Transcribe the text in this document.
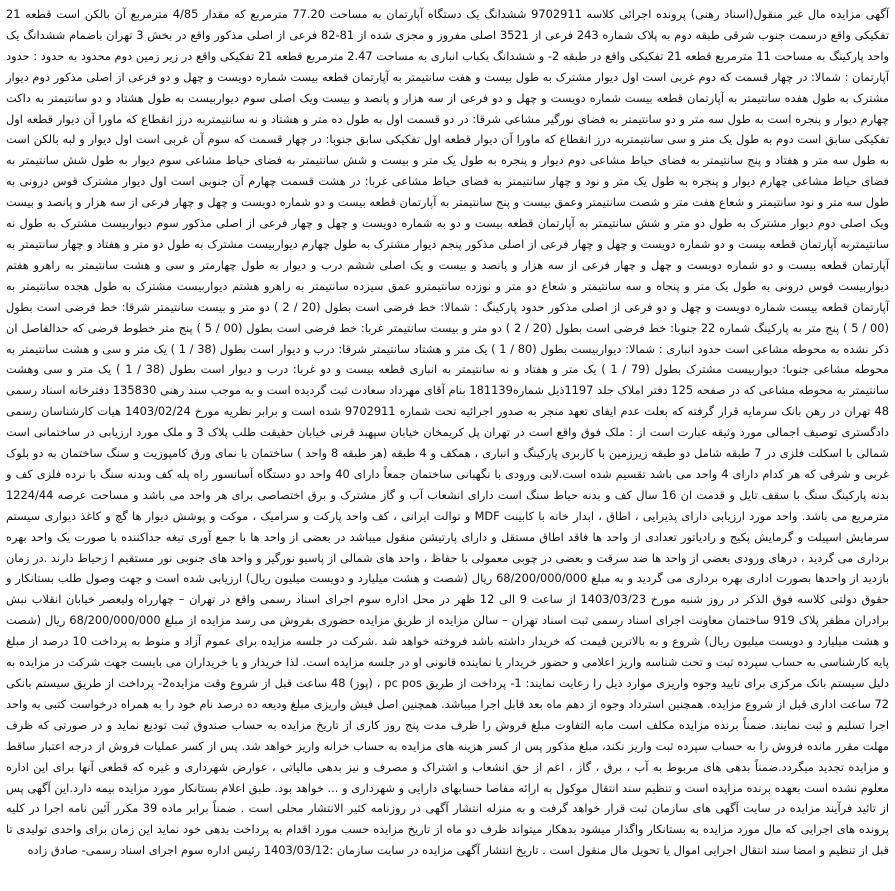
آگهی مزایده مال غیر منقول(اسناد رهنی) پرونده اجرائی کلاسه 9702911 ششدانگ یک دستگاه آپارتمان به مساحت 77.20 مترمربع که مقدار 4/85 مترمربع آن بالکن است قطعه 21 تفکیکی واقع درسمت جنوب شرقی طبقه دوم به پلاک شماره 243 فرعی از 3521 اصلی مفروز و مجزی شده از 81-82 فرعی از اصلی مذکور واقع در بخش 3 تهران باضمام ششدانگ یک واحد پارکینگ به مساحت 11 مترمربع قطعه 21 تفکیکی واقع در طبقه 2- و ششدانگ یکباب انباری به مساحت 2.47 مترمربع قطعه 21 تفکیکی واقع در زیر زمین دوم محدود به حدود : حدود آپارتمان : شمالا: در چهار قسمت که دوم غربی است اول دیوار مشترک به طول بیست و هفت سانتیمتر به آپارتمان قطعه بیست شماره دویست و چهل و دو فرعی از اصلی مذکور دوم دیوار مشترک به طول هفده سانتیمتر به آپارتمان قطعه بیست شماره دویست و چهل و دو فرعی از سه هزار و پانصد و بیست ویک اصلی سوم دیواربیست به طول هشتاد و دو سانتیمتر به داکت چهارم دیوار و پنجره است به طول سه متر و دو سانتیمتر به فضای نورگیر مشاعی شرقا: در دو قسمت اول به طول ده متر و هشتاد و نه سانتیمتربه درز انقطاع که ماورا آن دیوار قطعه اول تفکیکی سابق است دوم به طول یک متر و سی سانتیمتربه درز انقطاع که ماورا آن دیوار قطعه اول تفکیکی سابق جنوبا: در چهار قسمت که سوم آن غربی است اول دیوار و لبه بالکن است به طول سه متر و هفتاد و پنج سانتیمتر به فضای حیاط مشاعی دوم دیوار و پنجره به طول یک متر و بیست و شش سانتیمتر به فضای حیاط مشاعی سوم دیوار به طول شش سانتیمتر به فضای حیاط مشاعی چهارم دیوار و پنجره به طول یک متر و نود و چهار سانتیمتر به فضای حیاط مشاعی غربا: در هشت قسمت چهارم آن جنوبی است اول دیوار مشترک قوس درونی به طول سه متر و نود سانتیمتر و شعاع هفت متر و شصت سانتیمتر وعمق بیست و پنج سانتیمتر به آپارتمان قطعه بیست و دو شماره دویست و چهل و چهار فرعی از سه هزار و پانصد و بیست ویک اصلی دوم دیوار مشترک به طول دو متر و شش سانتیمتر به آپارتمان قطعه بیست و دو به شماره دویست و چهل و چهار فرعی از اصلی مذکور سوم دیواربیست مشترک به طول نه سانتیمتربه آپارتمان قطعه بیست و دو شماره دویست و چهل و چهار فرعی از اصلی مذکور پنجم دیوار مشترک به طول چهارم دیواربیست مشترک به طول دو متر و هفتاد و چهار سانتیمتر به آپارتمان قطعه بیست و دو شماره دویست و چهل و چهار فرعی از سه هزار و پانصد و بیست و یک اصلی ششم درب و دیوار به طول چهارمتر و سی و هشت سانتیمتر به راهرو هفتم دیواربیست قوس درونی به طول یک متر و پنجاه و سه سانتیمتر و شعاع دو متر و نوزده سانتیمترو عمق سیزده سانتیمتر به راهرو هشتم دیواربیست مشترک به طول هجده سانتیمتر به آپارتمان قطعه بیست شماره دویست و چهل و دو فرعی از اصلی مذکور حدود پارکینگ : شمالا: خط فرضی است بطول (20 / 2 ) دو متر و بیست سانتیمتر شرقا: خط فرضی است بطول (00 / 5 ) پنج متر به پارکینگ شماره 22 جنوبا: خط فرضی است بطول (20 / 2 ) دو متر و بیست سانتیمتر غربا: خط فرضی است بطول (00 / 5 ) پنج متر خطوط فرضی که حدالفاصل ان ذکر نشده به محوطه مشاعی است حدود انباری : شمالا: دیواربیست بطول (80 / 1 ) یک متر و هشتاد سانتیمتر شرقا: درب و دیوار است بطول (38 / 1 ) یک متر و سی و هشت سانتیمتر به محوطه مشاعی جنوبا: دیواربیست مشترک بطول (79 / 1 ) یک متر و هفتاد و نه سانتیمتر به انباری قطعه بیست و دو غربا: درب و دیوار است بطول (38 / 1 ) یک متر و سی وهشت سانتیمتر به محوطه مشاعی که در صفحه 125 دفتر املاک جلد 1197ذیل شماره181139 بنام آقای مهرداد سعادت ثبت گردیده است و به موجب سند رهنی 135830 دفترخانه اسناد رسمی 48 تهران در رهن بانک سرمایه قرار گرفته که بعلت عدم ایفای تعهد منجر به صدور اجرائیه تحت شماره 9702911 شده است و برابر نظریه مورخ 1403/02/24 هیات کارشناسان رسمی دادگستری توصیف اجمالی مورد وثیقه عبارت است از : ملک فوق واقع است در تهران پل کریمخان خیابان سپهبد قرنی خیابان حقیقت طلب پلاک 3 و ملک مورد ارزیابی در ساختمانی است شمالی با اسکلت فلزی در 7 طبقه شامل دو طبقه زیرزمین با کاربری پارکینگ و انباری ، همکف و 4 طبقه (هر طبقه 8 واحد ) ساختمان با نمای ورق کامپوزیت و سنگ ساختمان به دو بلوک غربی و شرقی که هر کدام دارای 4 واحد می باشد تقسیم شده است.لابی ورودی با نگهبانی ساختمان جمعاً دارای 40 واحد دو دستگاه آسانسور راه پله کف وبدنه سنگ با نرده فلزی کف و بدنه پارکینگ سنگ با سقف تایل و قدمت ان 16 سال کف و بدنه حیاط سنگ است دارای انشعاب آب و گاز مشترک و برق اختصاصی برای هر واحد می باشد و مساحت عرصه 1224/44 مترمربع می باشد. واحد مورد ارزیابی دارای پذیرایی ، اطاق ، ابدار خانه با کابینت MDF و توالت ایرانی ، کف واحد پارکت و سرامیک ، موکت و پوشش دیوار ها گچ و کاغذ دیواری سیستم سرمایش اسپیلت و گرمایش پکیج و رادیاتور تعدادی از واحد ها فاقد اطاق مستقل و دارای پارتیشن منقول میباشد در بعضی از واحد ها با جمع آوری تیغه جداکننده با صورت یک واحد بهره برداری می گردید ، درهای ورودی بعضی از واحد ها ضد سرقت و بعضی در چوبی معمولی با حفاظ ، واحد های شمالی از پاسیو نورگیر و واحد های جنوبی نور مستقیم ا زحیاط دارند .در زمان بازدید از واحدها بصورت اداری بهره برداری می گردید و به مبلغ 68/200/000/000 ریال (شصت و هشت میلیارد و دویست میلیون ریال) ارزیابی شده است و جهت وصول طلب بستانکار و حقوق دولتی کلاسه فوق الذکر در روز شنبه مورخ 1403/03/23 از ساعت 9 الی 12 ظهر در محل اداره سوم اجرای اسناد رسمی واقع در تهران – چهارراه ولیعصر خیابان انقلاب نبش برادران مظفر پلاک 919 ساختمان معاونت اجرای اسناد رسمی ثبت اسناد تهران – سالن مزایده از طریق مزایده حضوری بفروش می رسد مزایده از مبلغ 68/200/000/000 ریال (شصت و هشت میلیارد و دویست میلیون ریال) شروع و به بالاترین قیمت که خریدار داشته باشد فروخته خواهد شد .شرکت در جلسه مزایده برای عموم آزاد و منوط به پرداخت 10 درصد از مبلغ پایه کارشناسی به حساب سپرده ثبت و تحت شناسه واریز اعلامی و حضور خریدار یا نماینده قانونی او در جلسه مزایده است. لذا خریدار و یا خریداران می بایست جهت شرکت در مزایده به دلیل سیستم بانک مرکزی برای تایید وجوه واریزی موارد ذیل را رعایت نمایند: 1- پرداخت از طریق pc pos ، (پوز) 48 ساعت قبل از شروع وقت مزایده2- پرداخت از طریق سیستم بانکی 72 ساعت اداری قبل از شروع مزایده. همچنین استرداد وجوه از دهم ماه بعد قابل اجرا میباشد. همچنین اصل فیش واریزی مبلغ ودیعه ده درصد نام خود را به همراه درخواست کتبی به واحد اجرا تسلیم و ثبت نمایند. ضمناً برنده مزایده مکلف است مابه التفاوت مبلغ فروش را ظرف مدت پنج روز کاری از تاریخ مزایده به حساب صندوق ثبت تودیع نماید و در صورتی که ظرف مهلت مقرر مانده فروش را به حساب سپرده ثبت واریز نکند، مبلغ مذکور پس از کسر هزینه های مزایده به حساب خزانه واریز خواهد شد. پس از کسر عملیات فروش از درجه اعتبار ساقط و مزایده تجدید میگردد.ضمناً بدهی های مربوط به آب ، برق ، گاز ، اعم از حق انشعاب و اشتراک و مصرف و نیز بدهی مالیاتی ، عوارض شهرداری و غیره که قطعی آنها برای این اداره معلوم نشده است بعهده برنده مزایده است و تنظیم سند انتقال موکول به ارائه مفاصا حسابهای دارایی و شهرداری و ... خواهد بود. طبق اعلام بستانکار مورد مزایده بیمه دارد.این آگهی پس از تائید فرآیند مزایده در سایت آگهی های سازمان ثبت قرار خواهد گرفت و به منزله انتشار آگهی در روزنامه کثیر الانتشار محلی است . ضمناً برابر ماده 39 مکرر آئین نامه اجرا در کلیه پرونده های اجرایی که مال مورد مزایده به بستانکار واگذار میشود بدهکار میتواند ظرف دو ماه از تاریخ مزایده حسب مورد اقدام به پرداخت بدهی خود نماید این زمان برای واحدی تولیدی تا قبل از تنظیم و امضا سند انتقال اجرایی اموال یا تحویل مال منقول است . تاریخ انتشار آگهی مزایده در سایت سازمان :1403/03/12 رئیس اداره سوم اجرای اسناد رسمی- صادق زاده
